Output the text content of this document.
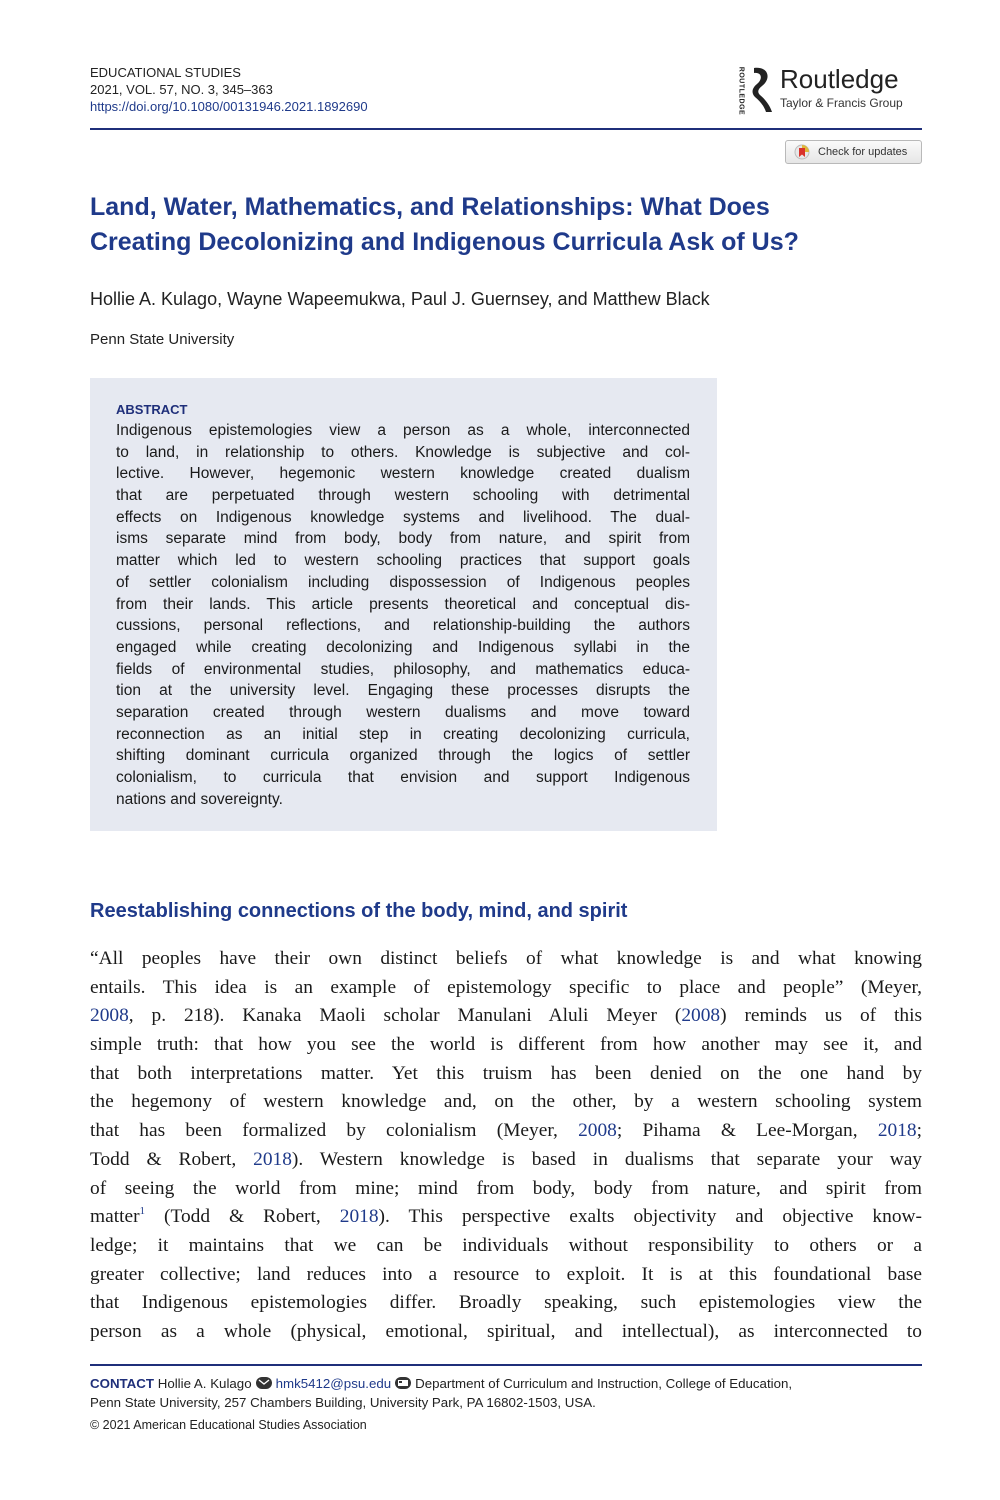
EDUCATIONAL STUDIES
2021, VOL. 57, NO. 3, 345–363
https://doi.org/10.1080/00131946.2021.1892690	ROUTLEDGE Routledge
Taylor & Francis Group
Check for updates
Land, Water, Mathematics, and Relationships: What Does
Creating Decolonizing and Indigenous Curricula Ask of Us?
Hollie A. Kulago, Wayne Wapeemukwa, Paul J. Guernsey, and Matthew Black
Penn State University
ABSTRACT
Indigenous epistemologies view a person as a whole, interconnected
to land, in relationship to others. Knowledge is subjective and col-
lective. However, hegemonic western knowledge created dualism
that are perpetuated through western schooling with detrimental
effects on Indigenous knowledge systems and livelihood. The dual-
isms separate mind from body, body from nature, and spirit from
matter which led to western schooling practices that support goals
of settler colonialism including dispossession of Indigenous peoples
from their lands. This article presents theoretical and conceptual dis-
cussions, personal reflections, and relationship-building the authors
engaged while creating decolonizing and Indigenous syllabi in the
fields of environmental studies, philosophy, and mathematics educa-
tion at the university level. Engaging these processes disrupts the
separation created through western dualisms and move toward
reconnection as an initial step in creating decolonizing curricula,
shifting dominant curricula organized through the logics of settler
colonialism, to curricula that envision and support Indigenous
nations and sovereignty.
Reestablishing connections of the body, mind, and spirit
“All peoples have their own distinct beliefs of what knowledge is and what knowing
entails. This idea is an example of epistemology specific to place and people” (Meyer,
2008, p. 218). Kanaka Maoli scholar Manulani Aluli Meyer (2008) reminds us of this
simple truth: that how you see the world is different from how another may see it, and
that both interpretations matter. Yet this truism has been denied on the one hand by
the hegemony of western knowledge and, on the other, by a western schooling system
that has been formalized by colonialism (Meyer, 2008; Pihama & Lee-Morgan, 2018;
Todd & Robert, 2018). Western knowledge is based in dualisms that separate your way
of seeing the world from mine; mind from body, body from nature, and spirit from
matter$^1$ (Todd & Robert, 2018). This perspective exalts objectivity and objective know-
ledge; it maintains that we can be individuals without responsibility to others or a
greater collective; land reduces into a resource to exploit. It is at this foundational base
that Indigenous epistemologies differ. Broadly speaking, such epistemologies view the
person as a whole (physical, emotional, spiritual, and intellectual), as interconnected to
CONTACT Hollie A. Kulago hmk5412@psu.edu Department of Curriculum and Instruction, College of Education,
Penn State University, 257 Chambers Building, University Park, PA 16802-1503, USA.
© 2021 American Educational Studies Association
